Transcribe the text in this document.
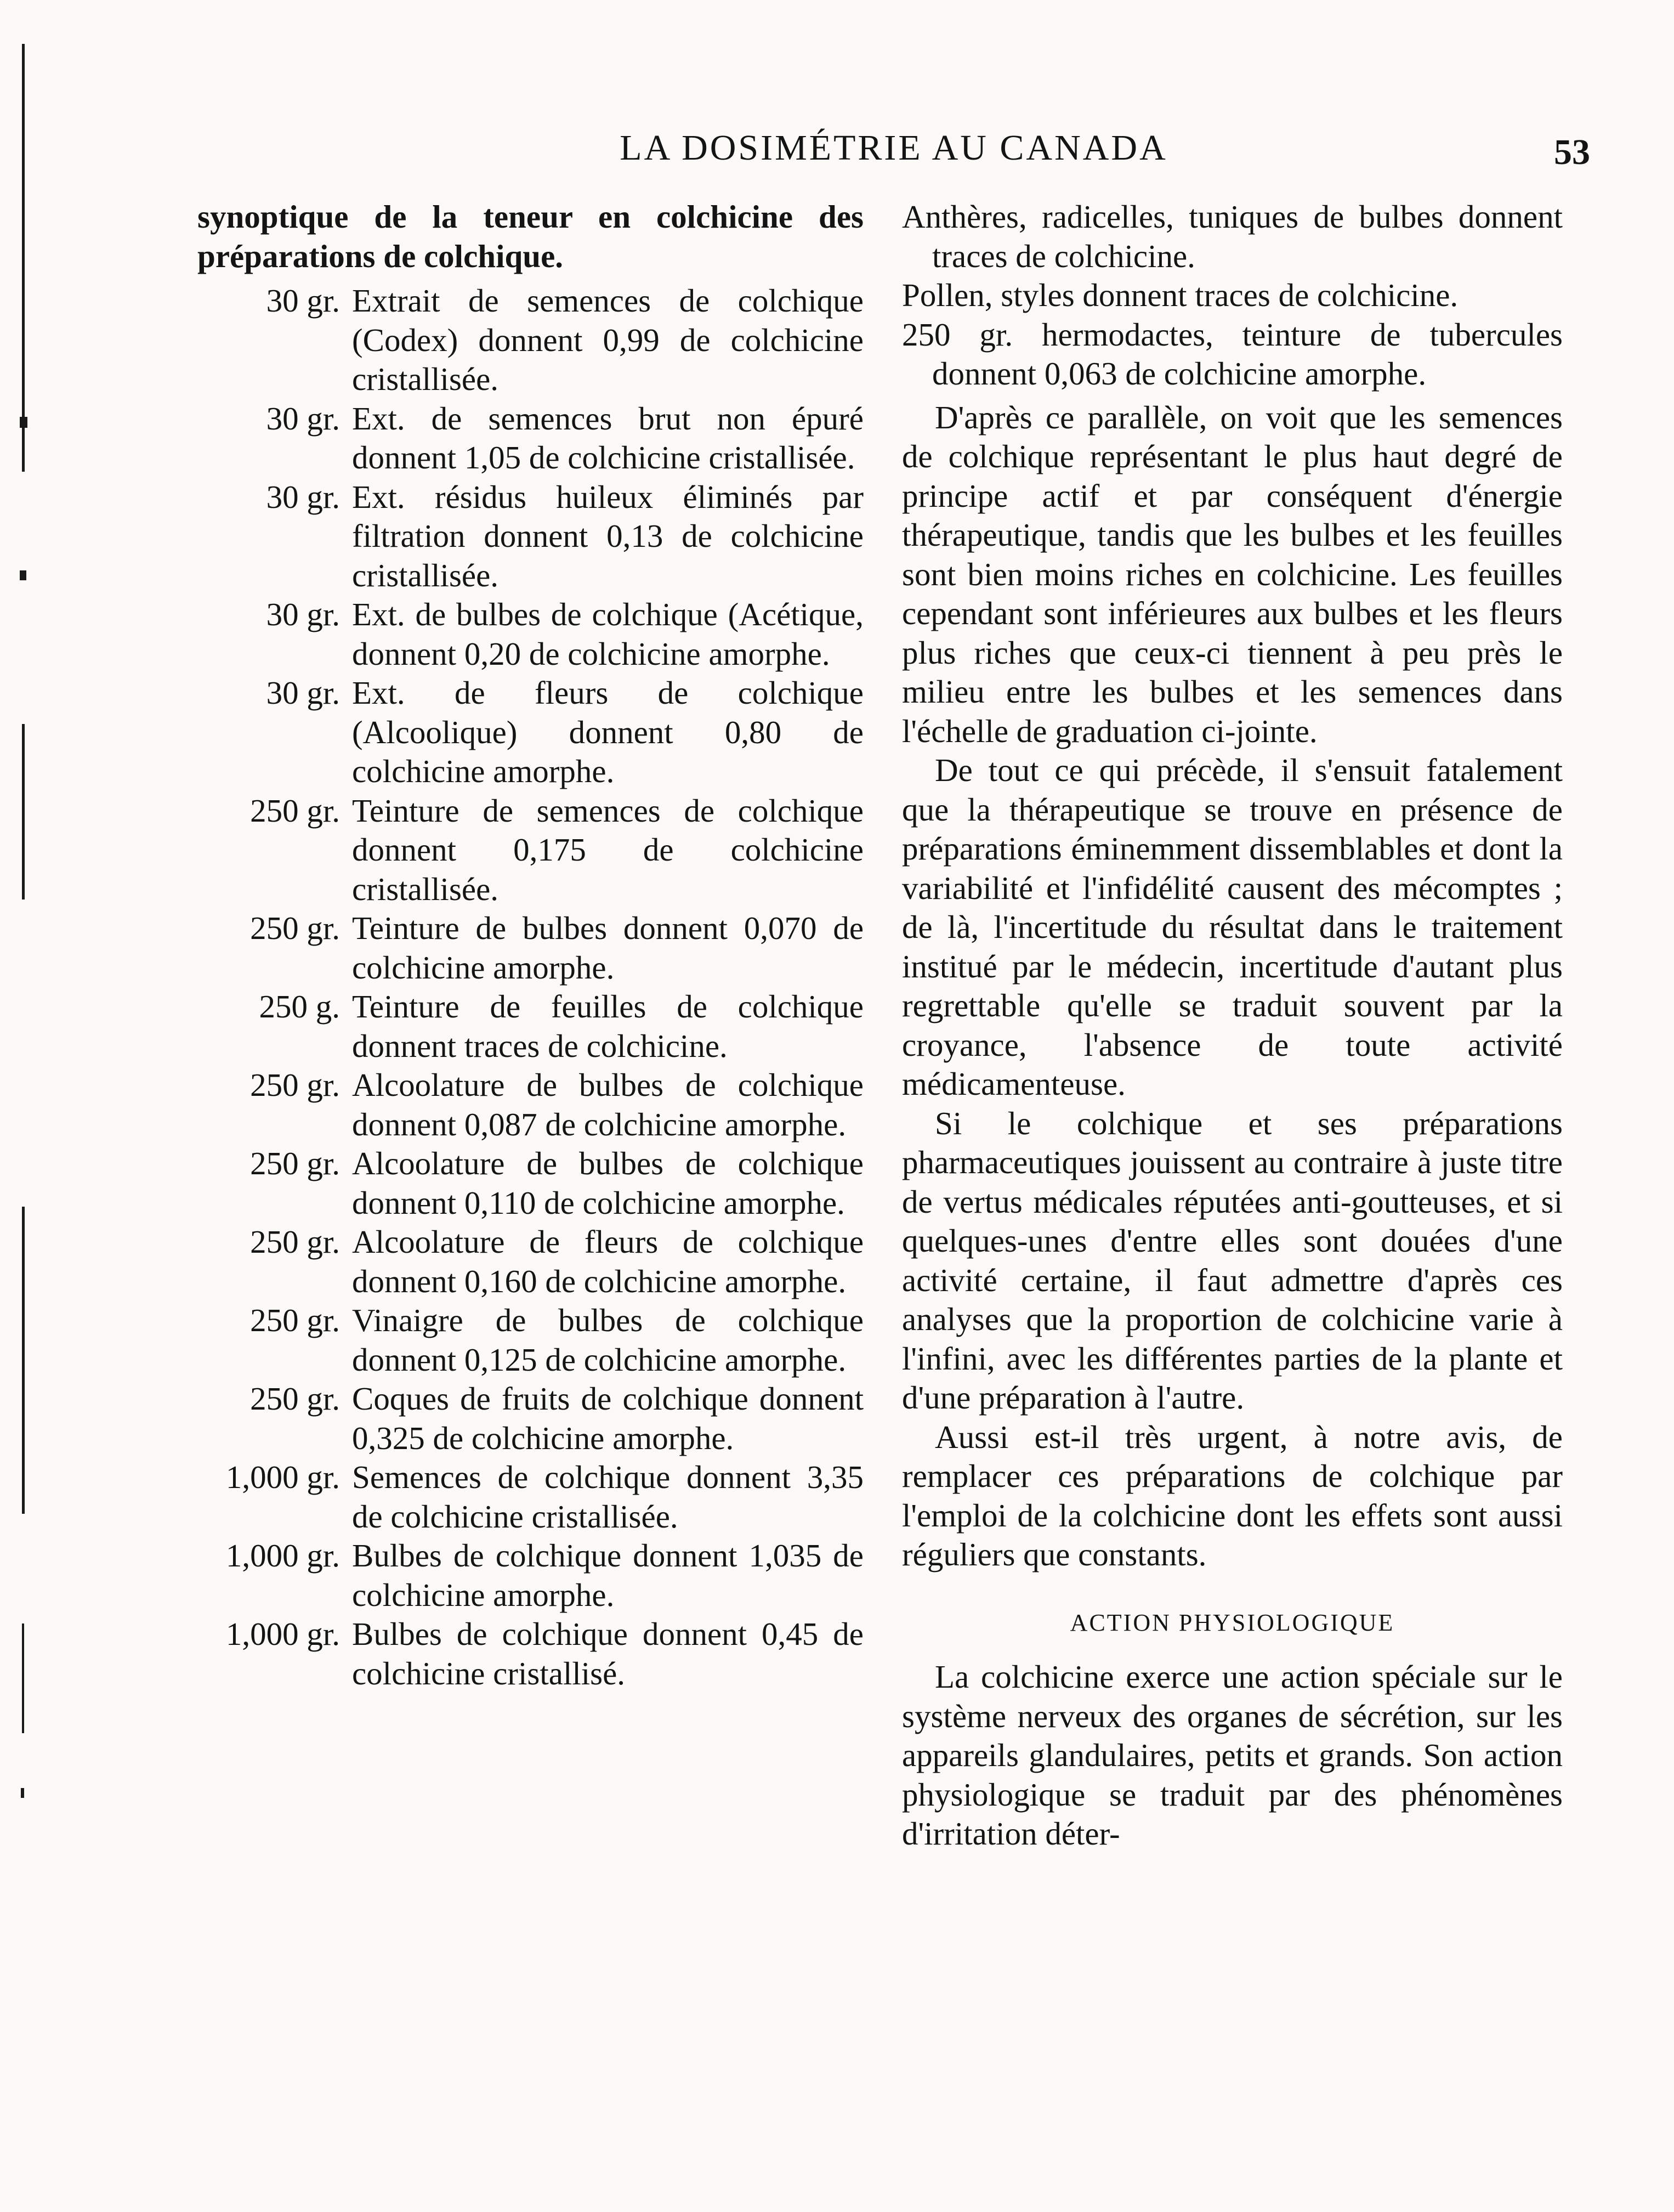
LA DOSIMÉTRIE AU CANADA	53

synoptique de la teneur en colchicine des préparations de colchique.

30 gr. Extrait de semences de colchique (Codex) donnent 0,99 de colchicine cristallisée.
30 gr. Ext. de semences brut non épuré donnent 1,05 de colchicine cristallisée.
30 gr. Ext. résidus huileux éliminés par filtration donnent 0,13 de colchicine cristallisée.
30 gr. Ext. de bulbes de colchique (Acétique, donnent 0,20 de colchicine amorphe.
30 gr. Ext. de fleurs de colchique (Alcoolique) donnent 0,80 de colchicine amorphe.
250 gr. Teinture de semences de colchique donnent 0,175 de colchicine cristallisée.
250 gr. Teinture de bulbes donnent 0,070 de colchicine amorphe.
250 g. Teinture de feuilles de colchique donnent traces de colchicine.
250 gr. Alcoolature de bulbes de colchique donnent 0,087 de colchicine amorphe.
250 gr. Alcoolature de bulbes de colchique donnent 0,110 de colchicine amorphe.
250 gr. Alcoolature de fleurs de colchique donnent 0,160 de colchicine amorphe.
250 gr. Vinaigre de bulbes de colchique donnent 0,125 de colchicine amorphe.
250 gr. Coques de fruits de colchique donnent 0,325 de colchicine amorphe.
1,000 gr. Semences de colchique donnent 3,35 de colchicine cristallisée.
1,000 gr. Bulbes de colchique donnent 1,035 de colchicine amorphe.
1,000 gr. Bulbes de colchique donnent 0,45 de colchicine cristallisé.

Anthères, radicelles, tuniques de bulbes donnent traces de colchicine.

Pollen, styles donnent traces de colchicine.

250 gr. hermodactes, teinture de tubercules donnent 0,063 de colchicine amorphe.

D'après ce parallèle, on voit que les semences de colchique représentant le plus haut degré de principe actif et par conséquent d'énergie thérapeutique, tandis que les bulbes et les feuilles sont bien moins riches en colchicine. Les feuilles cependant sont inférieures aux bulbes et les fleurs plus riches que ceux-ci tiennent à peu près le milieu entre les bulbes et les semences dans l'échelle de graduation ci-jointe.

De tout ce qui précède, il s'ensuit fatalement que la thérapeutique se trouve en présence de préparations éminemment dissemblables et dont la variabilité et l'infidélité causent des mécomptes ; de là, l'incertitude du résultat dans le traitement institué par le médecin, incertitude d'autant plus regrettable qu'elle se traduit souvent par la croyance, l'absence de toute activité médicamenteuse.

Si le colchique et ses préparations pharmaceutiques jouissent au contraire à juste titre de vertus médicales réputées anti-goutteuses, et si quelques-unes d'entre elles sont douées d'une activité certaine, il faut admettre d'après ces analyses que la proportion de colchicine varie à l'infini, avec les différentes parties de la plante et d'une préparation à l'autre.

Aussi est-il très urgent, à notre avis, de remplacer ces préparations de colchique par l'emploi de la colchicine dont les effets sont aussi réguliers que constants.

ACTION PHYSIOLOGIQUE

La colchicine exerce une action spéciale sur le système nerveux des organes de sécrétion, sur les appareils glandulaires, petits et grands. Son action physiologique se traduit par des phénomènes d'irritation déter-
